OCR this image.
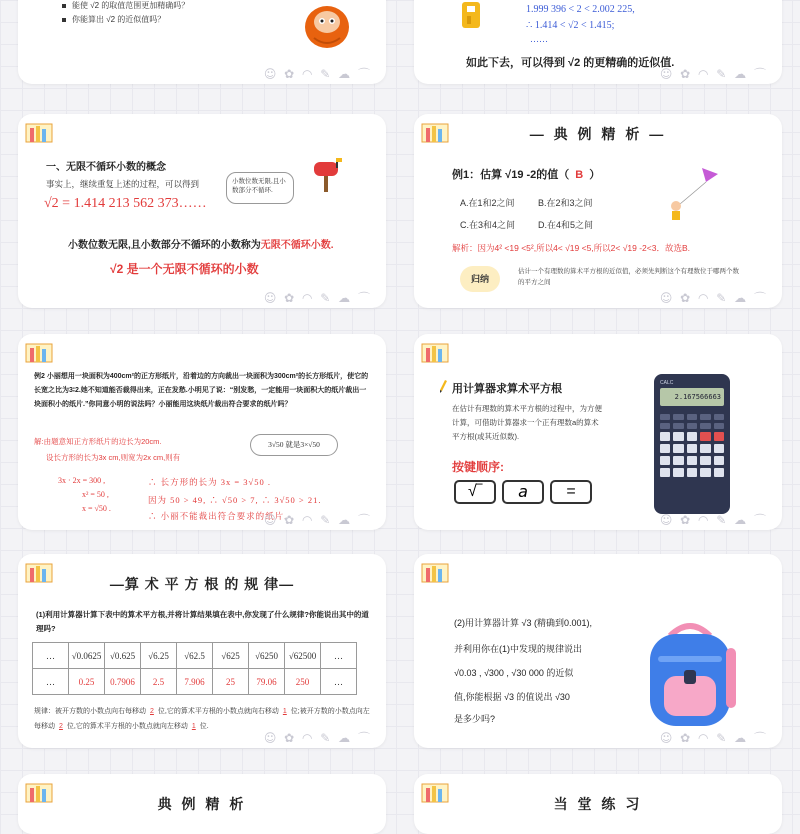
能使 √2 的取值范围更加精确吗？
你能算出 √2 的近似值吗？
☺ ✿ ◠ ✎ ☁ ⌒
1.999 396 < 2 < 2.002 225,
∴ 1.414 < √2 < 1.415;
……
如此下去，可以得到 √2 的更精确的近似值.
☺ ✿ ◠ ✎ ☁ ⌒
一、无限不循环小数的概念
事实上，继续重复上述的过程，可以得到	小数位数无限,且小数部分不循环.
√2 = 1.414 213 562 373……
小数位数无限,且小数部分不循环的小数称为无限不循环小数.
√2 是一个无限不循环的小数
☺ ✿ ◠ ✎ ☁ ⌒
— 典 例 精 析 —
例1：估算 √19 -2的值（ B ）
A.在1和2之间	B.在2和3之间
C.在3和4之间	D.在4和5之间
解析：因为4² <19 <5²,所以4< √19 <5,所以2< √19 -2<3．故选B.
归纳
估计一个有理数的算术平方根的近似值，必须先判断这个有理数位于哪两个数的平方之间
☺ ✿ ◠ ✎ ☁ ⌒
例2 小丽想用一块面积为400cm²的正方形纸片，沿着边的方向裁出一块面积为300cm²的长方形纸片，使它的长宽之比为3∶2.她不知道能否裁得出来，正在发愁.小明见了说：“别发愁，一定能用一块面积大的纸片裁出一块面积小的纸片.”你同意小明的说法吗？小丽能用这块纸片裁出符合要求的纸片吗？
解:由题意知正方形纸片的边长为20cm.
设长方形的长为3x cm,则宽为2x cm,则有
3√50 就是3×√50
3x · 2x = 300 ,
x² = 50 ,
x = √50 .
∴ 长方形的长为 3x = 3√50 .
因为 50 > 49, ∴ √50 > 7, ∴ 3√50 > 21.
∴ 小丽不能裁出符合要求的纸片.
☺ ✿ ◠ ✎ ☁ ⌒
用计算器求算术平方根
在估计有理数的算术平方根的过程中，为方便计算，可借助计算器求一个正有理数a的算术平方根(或其近似数).
按键顺序:
√‾	a	=
CALC
2.167566663
☺ ✿ ◠ ✎ ☁ ⌒
—算 术 平 方 根 的 规 律—
(1)利用计算器计算下表中的算术平方根,并将计算结果填在表中,你发现了什么规律?你能说出其中的道理吗?
…	√0.0625	√0.625	√6.25	√62.5	√625	√6250	√62500	…
…	0.25	0.7906	2.5	7.906	25	79.06	250	…
规律：被开方数的小数点向右每移动 2 位,它的算术平方根的小数点就向右移动 1 位;被开方数的小数点向左每移动 2 位,它的算术平方根的小数点就向左移动 1 位.
☺ ✿ ◠ ✎ ☁ ⌒
(2)用计算器计算 √3 (精确到0.001),
并利用你在(1)中发现的规律说出
√0.03 , √300 , √30 000 的近似
值,你能根据 √3 的值说出 √30
是多少吗?
☺ ✿ ◠ ✎ ☁ ⌒
典 例 精 析	当 堂 练 习
